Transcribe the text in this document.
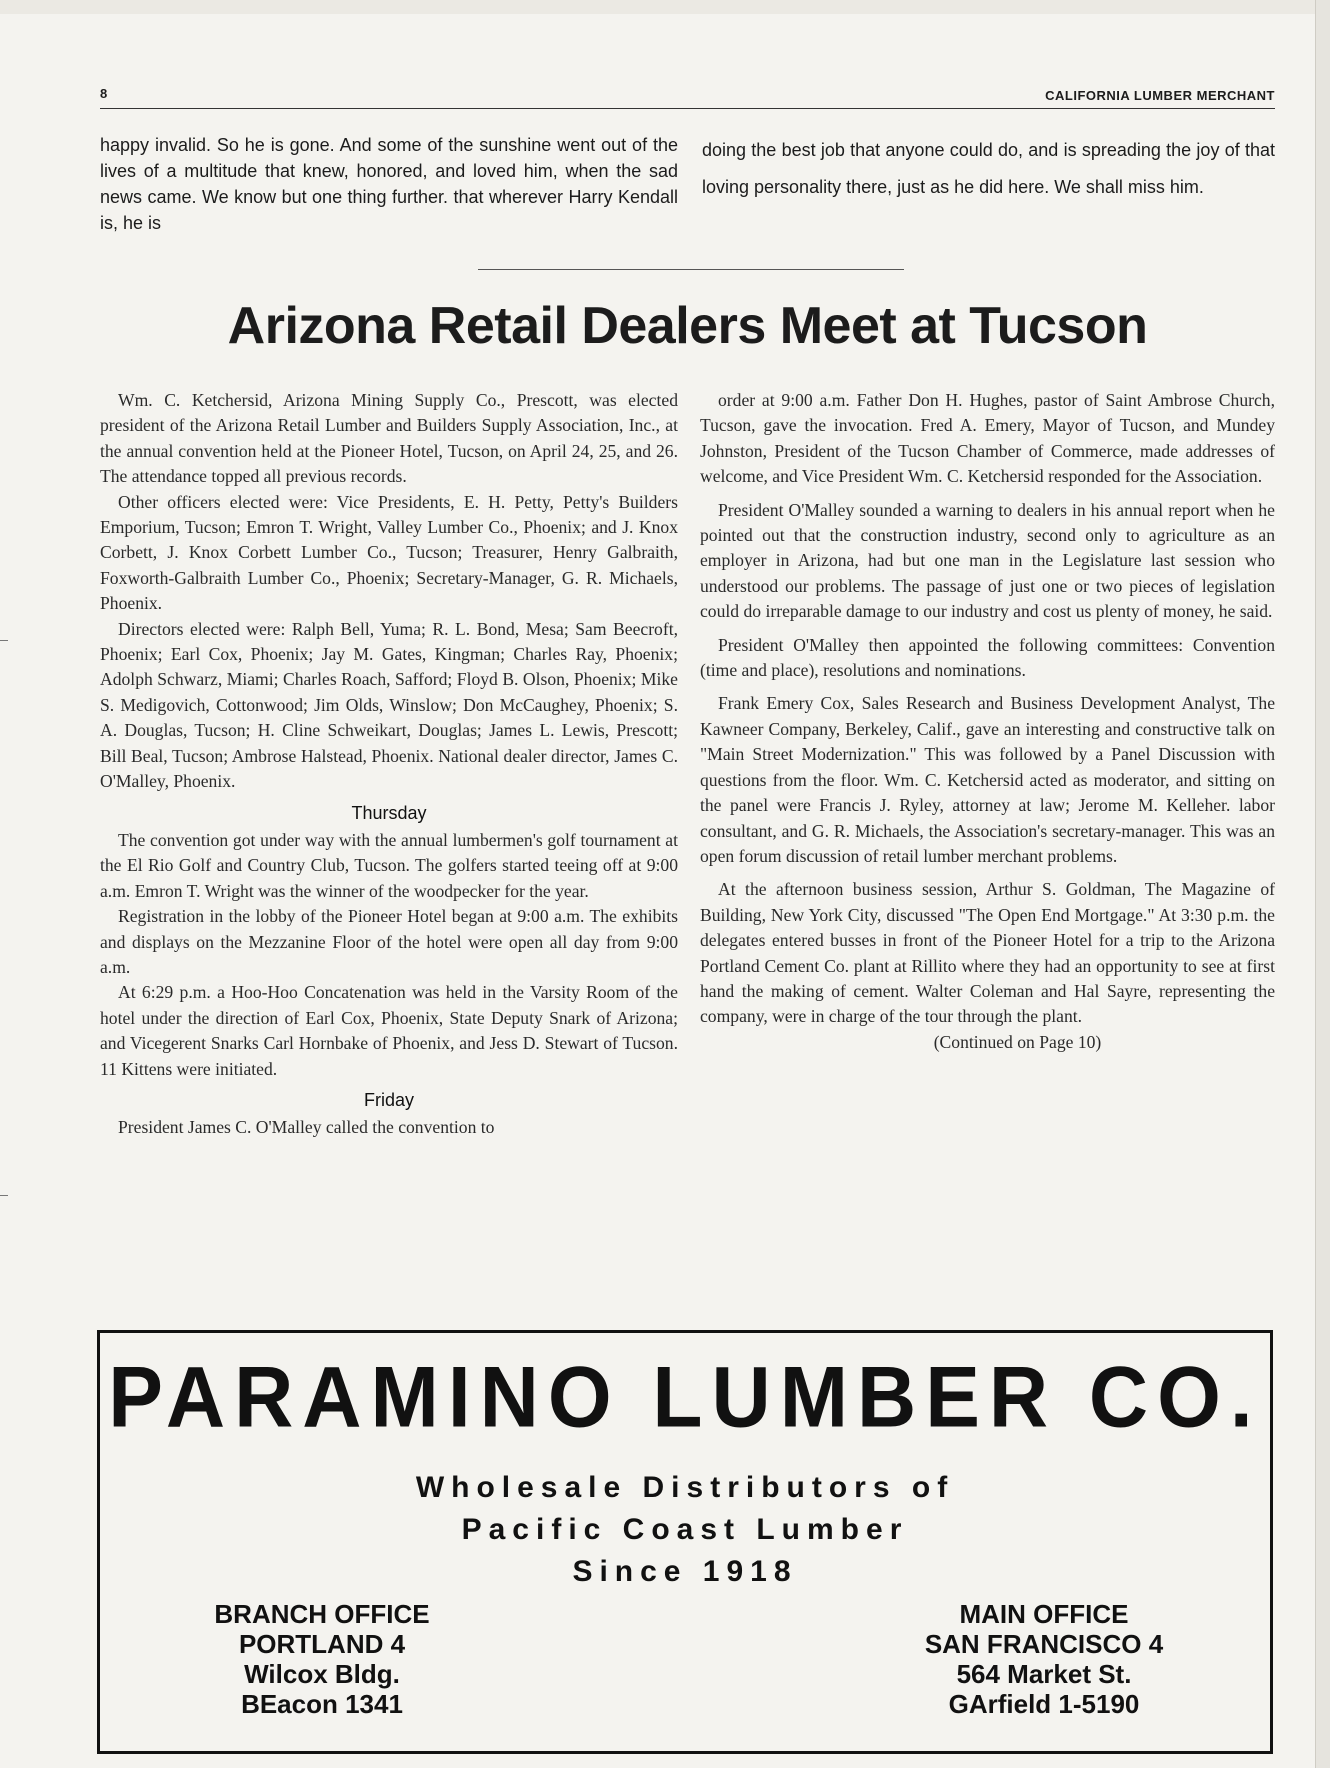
8	CALIFORNIA LUMBER MERCHANT
happy invalid. So he is gone. And some of the sunshine went out of the lives of a multitude that knew, honored, and loved him, when the sad news came. We know but one thing further. that wherever Harry Kendall is, he is
doing the best job that anyone could do, and is spreading the joy of that loving personality there, just as he did here. We shall miss him.
Arizona Retail Dealers Meet at Tucson

Wm. C. Ketchersid, Arizona Mining Supply Co., Prescott, was elected president of the Arizona Retail Lumber and Builders Supply Association, Inc., at the annual convention held at the Pioneer Hotel, Tucson, on April 24, 25, and 26. The attendance topped all previous records.

Other officers elected were: Vice Presidents, E. H. Petty, Petty's Builders Emporium, Tucson; Emron T. Wright, Valley Lumber Co., Phoenix; and J. Knox Corbett, J. Knox Corbett Lumber Co., Tucson; Treasurer, Henry Galbraith, Foxworth-Galbraith Lumber Co., Phoenix; Secretary-Manager, G. R. Michaels, Phoenix.

Directors elected were: Ralph Bell, Yuma; R. L. Bond, Mesa; Sam Beecroft, Phoenix; Earl Cox, Phoenix; Jay M. Gates, Kingman; Charles Ray, Phoenix; Adolph Schwarz, Miami; Charles Roach, Safford; Floyd B. Olson, Phoenix; Mike S. Medigovich, Cottonwood; Jim Olds, Winslow; Don McCaughey, Phoenix; S. A. Douglas, Tucson; H. Cline Schweikart, Douglas; James L. Lewis, Prescott; Bill Beal, Tucson; Ambrose Halstead, Phoenix. National dealer director, James C. O'Malley, Phoenix.

Thursday

The convention got under way with the annual lumbermen's golf tournament at the El Rio Golf and Country Club, Tucson. The golfers started teeing off at 9:00 a.m. Emron T. Wright was the winner of the woodpecker for the year.

Registration in the lobby of the Pioneer Hotel began at 9:00 a.m. The exhibits and displays on the Mezzanine Floor of the hotel were open all day from 9:00 a.m.

At 6:29 p.m. a Hoo-Hoo Concatenation was held in the Varsity Room of the hotel under the direction of Earl Cox, Phoenix, State Deputy Snark of Arizona; and Vicegerent Snarks Carl Hornbake of Phoenix, and Jess D. Stewart of Tucson. 11 Kittens were initiated.

Friday

President James C. O'Malley called the convention to

order at 9:00 a.m. Father Don H. Hughes, pastor of Saint Ambrose Church, Tucson, gave the invocation. Fred A. Emery, Mayor of Tucson, and Mundey Johnston, President of the Tucson Chamber of Commerce, made addresses of welcome, and Vice President Wm. C. Ketchersid responded for the Association.

President O'Malley sounded a warning to dealers in his annual report when he pointed out that the construction industry, second only to agriculture as an employer in Arizona, had but one man in the Legislature last session who understood our problems. The passage of just one or two pieces of legislation could do irreparable damage to our industry and cost us plenty of money, he said.

President O'Malley then appointed the following committees: Convention (time and place), resolutions and nominations.

Frank Emery Cox, Sales Research and Business Development Analyst, The Kawneer Company, Berkeley, Calif., gave an interesting and constructive talk on "Main Street Modernization." This was followed by a Panel Discussion with questions from the floor. Wm. C. Ketchersid acted as moderator, and sitting on the panel were Francis J. Ryley, attorney at law; Jerome M. Kelleher. labor consultant, and G. R. Michaels, the Association's secretary-manager. This was an open forum discussion of retail lumber merchant problems.

At the afternoon business session, Arthur S. Goldman, The Magazine of Building, New York City, discussed "The Open End Mortgage." At 3:30 p.m. the delegates entered busses in front of the Pioneer Hotel for a trip to the Arizona Portland Cement Co. plant at Rillito where they had an opportunity to see at first hand the making of cement. Walter Coleman and Hal Sayre, representing the company, were in charge of the tour through the plant.

(Continued on Page 10)
PARAMINO LUMBER CO.
Wholesale Distributors of
Pacific Coast Lumber
Since 1918
BRANCH OFFICE
PORTLAND 4
Wilcox Bldg.
BEacon 1341
MAIN OFFICE
SAN FRANCISCO 4
564 Market St.
GArfield 1-5190
